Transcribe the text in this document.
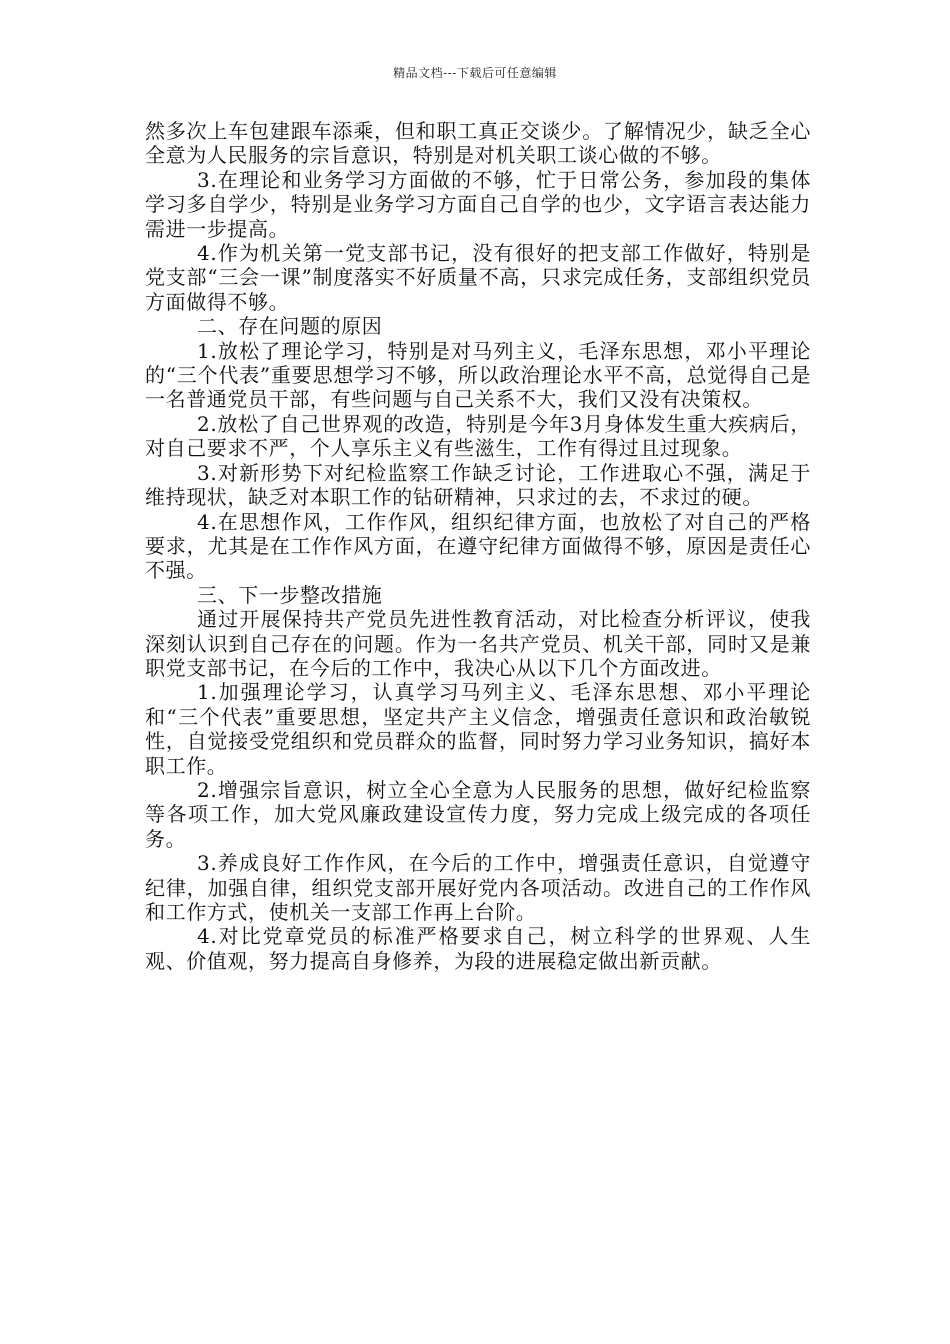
精品文档---下载后可任意编辑

然多次上车包建跟车添乘，但和职工真正交谈少。了解情况少，缺乏全心全意为人民服务的宗旨意识，特别是对机关职工谈心做的不够。

3.在理论和业务学习方面做的不够，忙于日常公务，参加段的集体学习多自学少，特别是业务学习方面自己自学的也少，文字语言表达能力需进一步提高。

4.作为机关第一党支部书记，没有很好的把支部工作做好，特别是党支部“三会一课”制度落实不好质量不高，只求完成任务，支部组织党员方面做得不够。

二、存在问题的原因

1.放松了理论学习，特别是对马列主义，毛泽东思想，邓小平理论的“三个代表”重要思想学习不够，所以政治理论水平不高，总觉得自己是一名普通党员干部，有些问题与自己关系不大，我们又没有决策权。

2.放松了自己世界观的改造，特别是今年3月身体发生重大疾病后，对自己要求不严，个人享乐主义有些滋生，工作有得过且过现象。

3.对新形势下对纪检监察工作缺乏讨论，工作进取心不强，满足于维持现状，缺乏对本职工作的钻研精神，只求过的去，不求过的硬。

4.在思想作风，工作作风，组织纪律方面，也放松了对自己的严格要求，尤其是在工作作风方面，在遵守纪律方面做得不够，原因是责任心不强。

三、下一步整改措施

通过开展保持共产党员先进性教育活动，对比检查分析评议，使我深刻认识到自己存在的问题。作为一名共产党员、机关干部，同时又是兼职党支部书记，在今后的工作中，我决心从以下几个方面改进。

1.加强理论学习，认真学习马列主义、毛泽东思想、邓小平理论和“三个代表”重要思想，坚定共产主义信念，增强责任意识和政治敏锐性，自觉接受党组织和党员群众的监督，同时努力学习业务知识，搞好本职工作。

2.增强宗旨意识，树立全心全意为人民服务的思想，做好纪检监察等各项工作，加大党风廉政建设宣传力度，努力完成上级完成的各项任务。

3.养成良好工作作风，在今后的工作中，增强责任意识，自觉遵守纪律，加强自律，组织党支部开展好党内各项活动。改进自己的工作作风和工作方式，使机关一支部工作再上台阶。

4.对比党章党员的标准严格要求自己，树立科学的世界观、人生观、价值观，努力提高自身修养，为段的进展稳定做出新贡献。
